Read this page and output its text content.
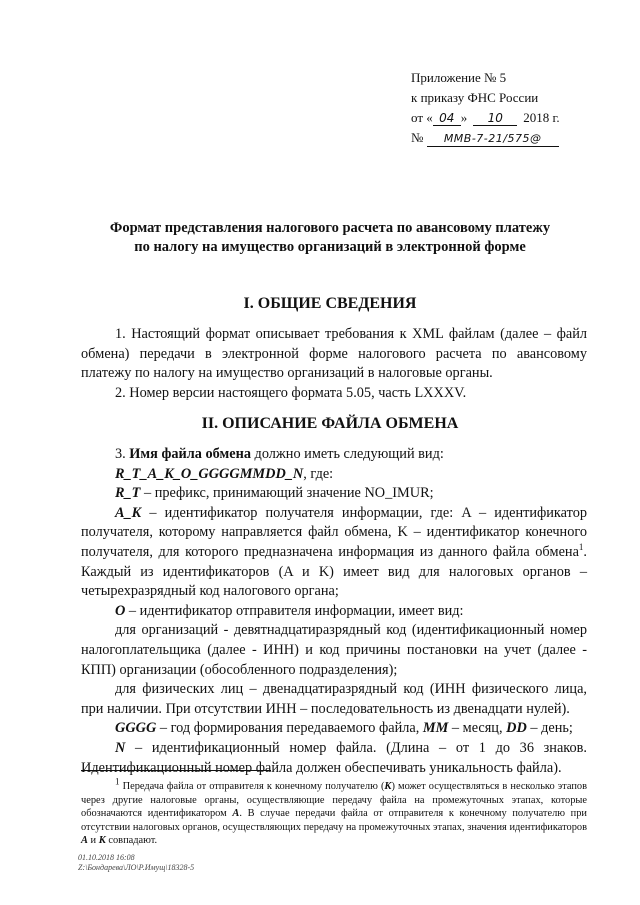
Приложение № 5
к приказу ФНС России
от « 04 » 10 2018 г.
№ ММВ-7-21/575@
Формат представления налогового расчета по авансовому платежу
по налогу на имущество организаций в электронной форме
I. ОБЩИЕ СВЕДЕНИЯ

1. Настоящий формат описывает требования к XML файлам (далее – файл обмена) передачи в электронной форме налогового расчета по авансовому платежу по налогу на имущество организаций в налоговые органы.

2. Номер версии настоящего формата 5.05, часть LXXXV.

II. ОПИСАНИЕ ФАЙЛА ОБМЕНА

3. Имя файла обмена должно иметь следующий вид:

R_T_A_K_O_GGGGMMDD_N, где:

R_T – префикс, принимающий значение NO_IMUR;

A_K – идентификатор получателя информации, где: A – идентификатор получателя, которому направляется файл обмена, K – идентификатор конечного получателя, для которого предназначена информация из данного файла обмена$^1$. Каждый из идентификаторов (A и K) имеет вид для налоговых органов – четырехразрядный код налогового органа;

O – идентификатор отправителя информации, имеет вид:

для организаций - девятнадцатиразрядный код (идентификационный номер налогоплательщика (далее - ИНН) и код причины постановки на учет (далее - КПП) организации (обособленного подразделения);

для физических лиц – двенадцатиразрядный код (ИНН физического лица, при наличии. При отсутствии ИНН – последовательность из двенадцати нулей).

GGGG – год формирования передаваемого файла, MM – месяц, DD – день;

N – идентификационный номер файла. (Длина – от 1 до 36 знаков. Идентификационный номер файла должен обеспечивать уникальность файла).

$^1$ Передача файла от отправителя к конечному получателю (К) может осуществляться в несколько этапов через другие налоговые органы, осуществляющие передачу файла на промежуточных этапах, которые обозначаются идентификатором А. В случае передачи файла от отправителя к конечному получателю при отсутствии налоговых органов, осуществляющих передачу на промежуточных этапах, значения идентификаторов А и К совпадают.

01.10.2018 16:08
Z:\Бондарева\ЛО\Р.Имущ\18328-5
